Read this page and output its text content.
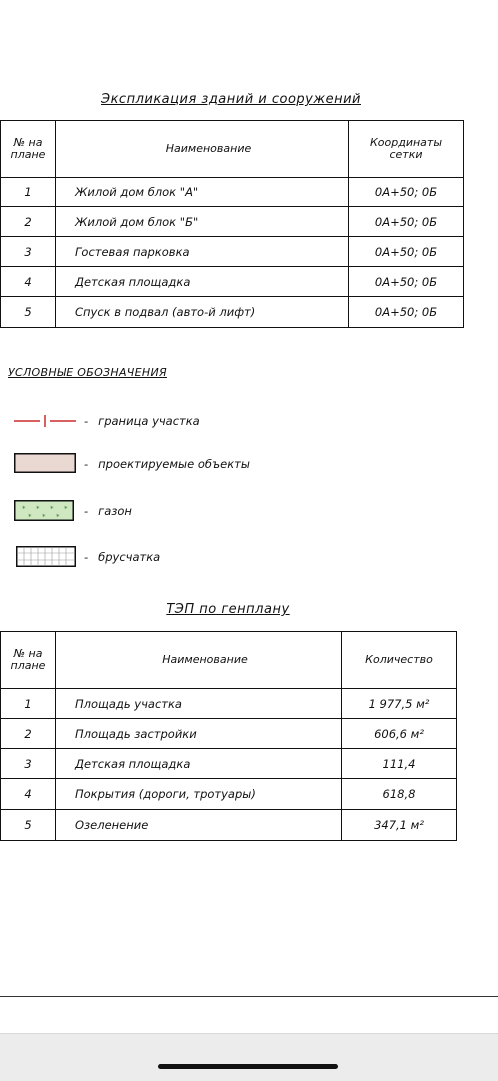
Экспликация зданий и сооружений
№ на плане	Наименование	Координаты сетки
1	Жилой дом блок "А"	0А+50; 0Б
2	Жилой дом блок "Б"	0А+50; 0Б
3	Гостевая парковка	0А+50; 0Б
4	Детская площадка	0А+50; 0Б
5	Спуск в подвал (авто-й лифт)	0А+50; 0Б
УСЛОВНЫЕ ОБОЗНАЧЕНИЯ
- граница участка
- проектируемые объекты
⁎ ⁎ ⁎ ⁎
⁎ ⁎ ⁎ - газон
- брусчатка
ТЭП по генплану
№ на плане	Наименование	Количество
1	Площадь участка	1 977,5 м²
2	Площадь застройки	606,6 м²
3	Детская площадка	111,4
4	Покрытия (дороги, тротуары)	618,8
5	Озеленение	347,1 м²
